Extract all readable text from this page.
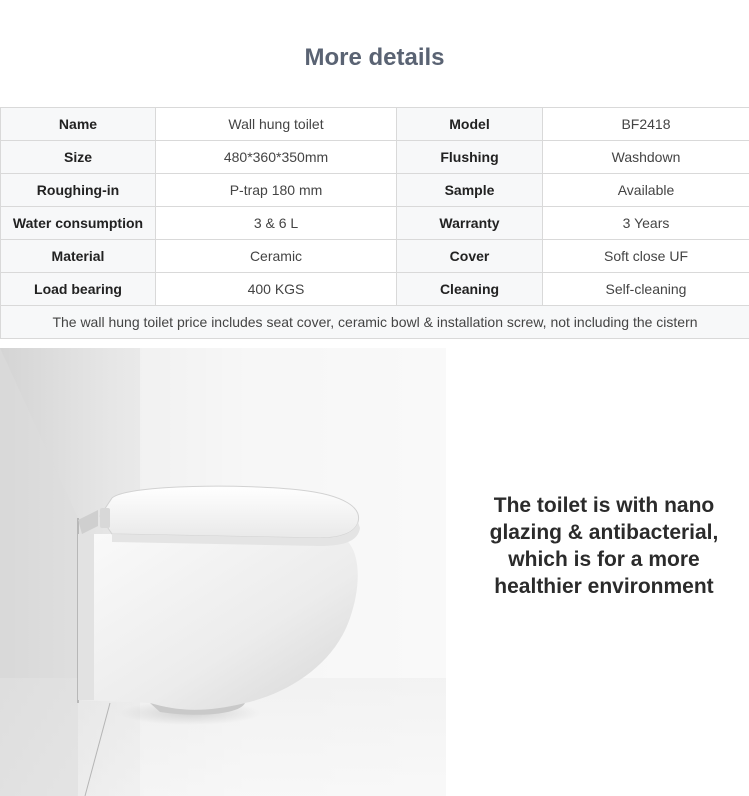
More details
Name	Wall hung toilet	Model	BF2418
Size	480*360*350mm	Flushing	Washdown
Roughing-in	P-trap 180 mm	Sample	Available
Water consumption	3 & 6 L	Warranty	3 Years
Material	Ceramic	Cover	Soft close UF
Load bearing	400 KGS	Cleaning	Self-cleaning
The wall hung toilet price includes seat cover, ceramic bowl & installation screw, not including the cistern			
The toilet is with nano
glazing & antibacterial,
which is for a more
healthier environment
